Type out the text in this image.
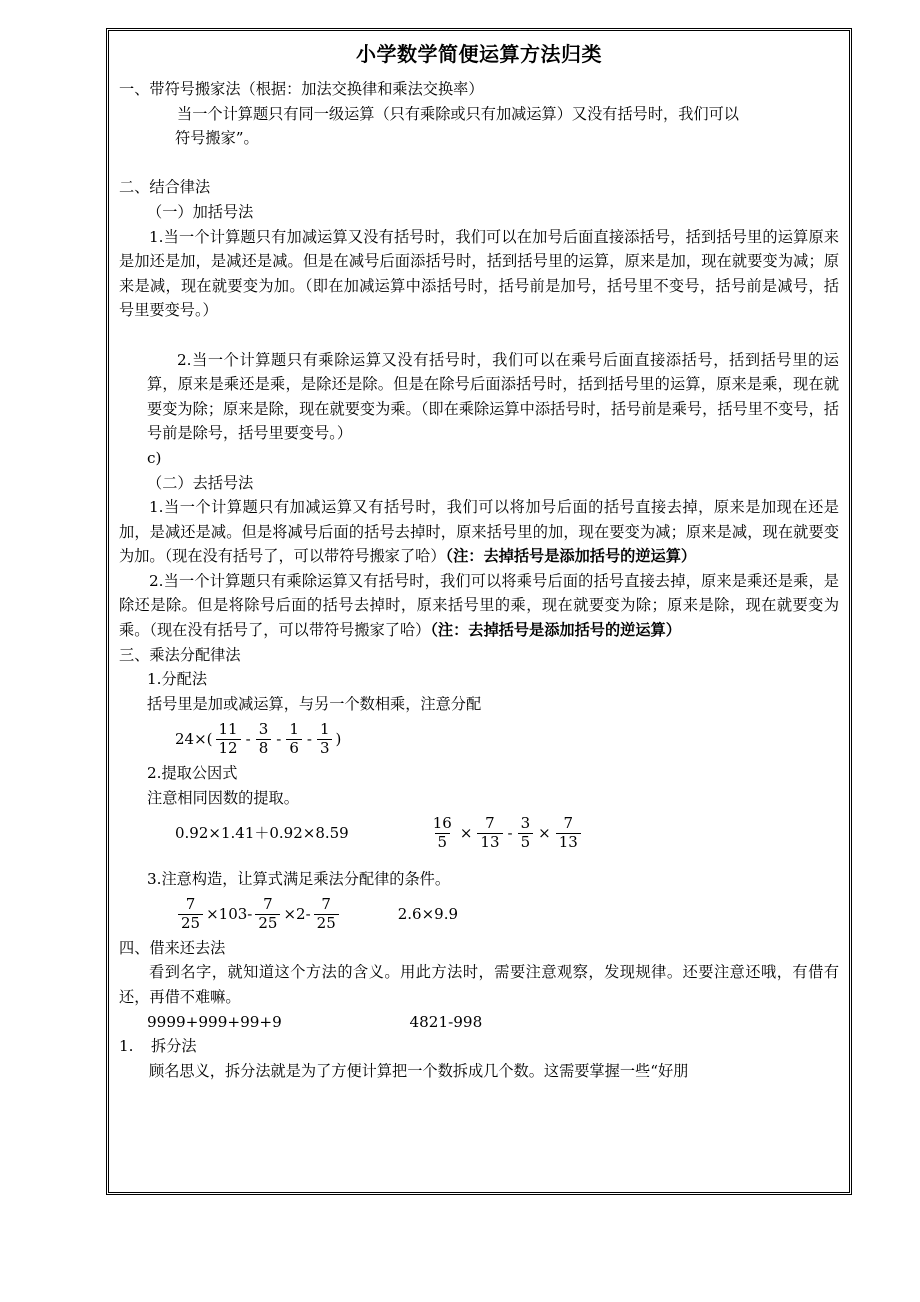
小学数学简便运算方法归类
一、带符号搬家法（根据：加法交换律和乘法交换率）
当一个计算题只有同一级运算（只有乘除或只有加减运算）又没有括号时，我们可以
符号搬家”。
二、结合律法
（一）加括号法
1.当一个计算题只有加减运算又没有括号时，我们可以在加号后面直接添括号，括到括号里的运算原来是加还是加，是减还是减。但是在减号后面添括号时，括到括号里的运算，原来是加，现在就要变为减；原来是减，现在就要变为加。（即在加减运算中添括号时，括号前是加号，括号里不变号，括号前是减号，括号里要变号。）
2.当一个计算题只有乘除运算又没有括号时，我们可以在乘号后面直接添括号，括到括号里的运算，原来是乘还是乘，是除还是除。但是在除号后面添括号时，括到括号里的运算，原来是乘，现在就要变为除；原来是除，现在就要变为乘。（即在乘除运算中添括号时，括号前是乘号，括号里不变号，括号前是除号，括号里要变号。）
c)
（二）去括号法
1.当一个计算题只有加减运算又有括号时，我们可以将加号后面的括号直接去掉，原来是加现在还是加，是减还是减。但是将减号后面的括号去掉时，原来括号里的加，现在要变为减；原来是减，现在就要变为加。（现在没有括号了，可以带符号搬家了哈）（注：去掉括号是添加括号的逆运算）
2.当一个计算题只有乘除运算又有括号时，我们可以将乘号后面的括号直接去掉，原来是乘还是乘，是除还是除。但是将除号后面的括号去掉时，原来括号里的乘，现在就要变为除；原来是除，现在就要变为乘。（现在没有括号了，可以带符号搬家了哈）（注：去掉括号是添加括号的逆运算）
三、乘法分配律法
1.分配法
括号里是加或减运算，与另一个数相乘，注意分配
$24\times( \frac{11}{12} - \frac{3}{8} - \frac{1}{6} - \frac{1}{3}$ )
2.提取公因式
注意相同因数的提取。
0.92×1.41＋0.92×8.59	$\frac{16}{5} \times \frac{7}{13} - \frac{3}{5} \times \frac{7}{13}$
3.注意构造，让算式满足乘法分配律的条件。
$\frac{7}{25} \times 103- \frac{7}{25} \times 2- \frac{7}{25}$	2.6×9.9
四、借来还去法
看到名字，就知道这个方法的含义。用此方法时，需要注意观察，发现规律。还要注意还哦，有借有还，再借不难嘛。
9999+999+99+9	4821-998
1. 拆分法
顾名思义，拆分法就是为了方便计算把一个数拆成几个数。这需要掌握一些“好朋
